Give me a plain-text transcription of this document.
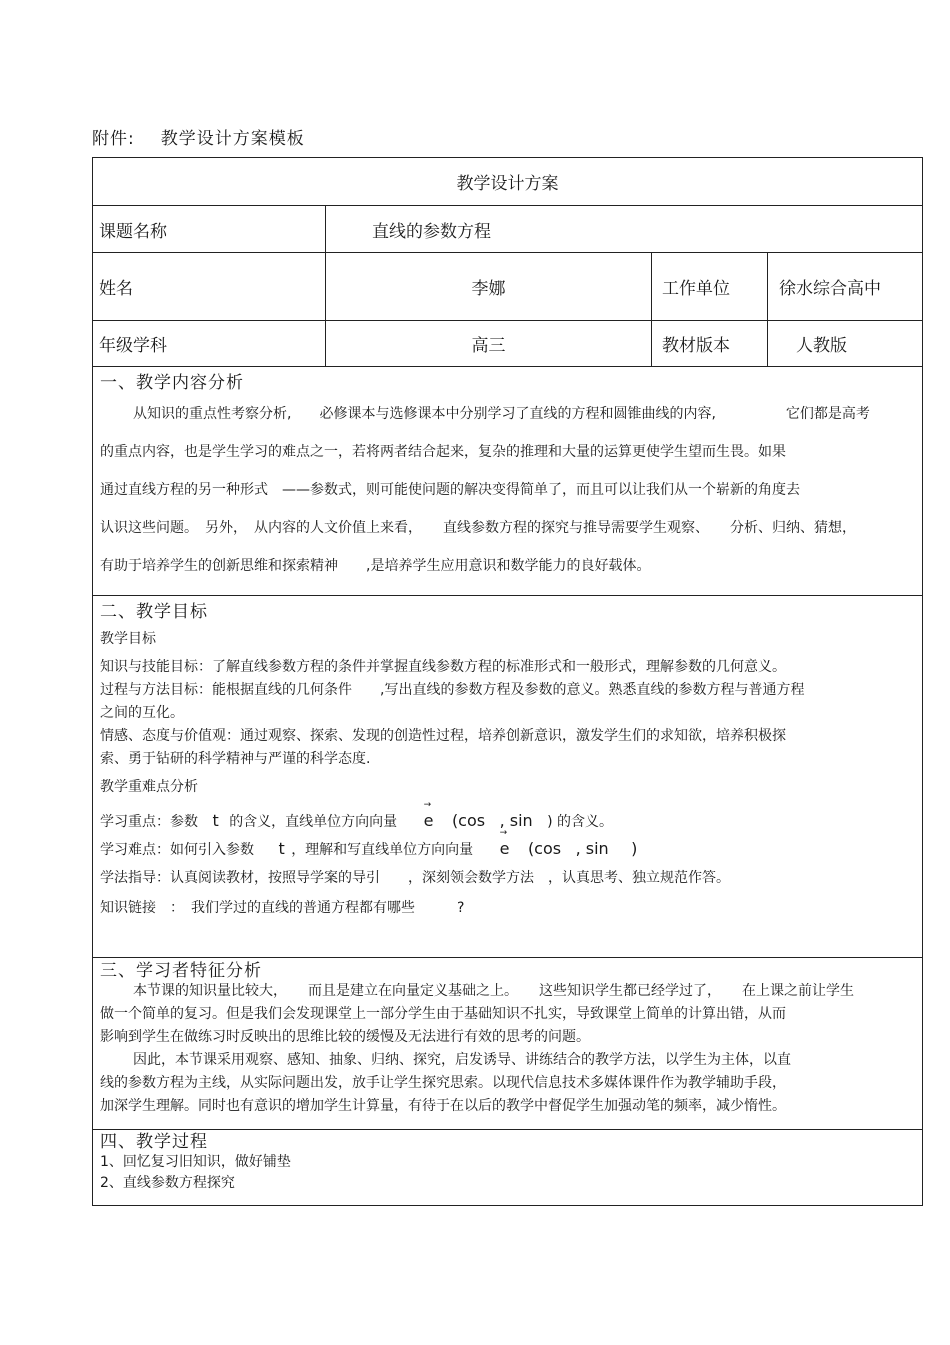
附件: 教学设计方案模板
教学设计方案
课题名称	直线的参数方程
姓名	李娜	工作单位	徐水综合高中
年级学科	高三	教材版本	人教版
一、教学内容分析

从知识的重点性考察分析,　　必修课本与选修课本中分别学习了直线的方程和圆锥曲线的内容,　　　　　它们都是高考

的重点内容，也是学生学习的难点之一，若将两者结合起来，复杂的推理和大量的运算更使学生望而生畏。如果

通过直线方程的另一种形式　——参数式，则可能使问题的解决变得简单了，而且可以让我们从一个崭新的角度去

认识这些问题。　另外，　从内容的人文价值上来看，　　直线参数方程的探究与推导需要学生观察、　　分析、归纳、猜想，

有助于培养学生的创新思维和探索精神　　,是培养学生应用意识和数学能力的良好载体。

二、教学目标

教学目标

知识与技能目标：了解直线参数方程的条件并掌握直线参数方程的标准形式和一般形式，理解参数的几何意义。

过程与方法目标：能根据直线的几何条件　　,写出直线的参数方程及参数的意义。熟悉直线的参数方程与普通方程

之间的互化。

情感、态度与价值观：通过观察、探索、发现的创造性过程，培养创新意识，激发学生们的求知欲，培养积极探

索、勇于钻研的科学精神与严谨的科学态度.

教学重难点分析

学习重点：参数 t 的含义，直线单位方向向量 → e (cos , sin ) 的含义。

学习难点：如何引入参数 t ，理解和写直线单位方向向量 → e (cos , sin )

学法指导：认真阅读教材，按照导学案的导引　　，深刻领会数学方法　，认真思考、独立规范作答。

知识链接　：　我们学过的直线的普通方程都有哪些　　　?

三、学习者特征分析

本节课的知识量比较大，　　而且是建立在向量定义基础之上。　　这些知识学生都已经学过了，　　在上课之前让学生

做一个简单的复习。但是我们会发现课堂上一部分学生由于基础知识不扎实，导致课堂上简单的计算出错，从而

影响到学生在做练习时反映出的思维比较的缓慢及无法进行有效的思考的问题。

因此，本节课采用观察、感知、抽象、归纳、探究，启发诱导、讲练结合的教学方法，以学生为主体，以直

线的参数方程为主线，从实际问题出发，放手让学生探究思索。以现代信息技术多媒体课件作为教学辅助手段，

加深学生理解。同时也有意识的增加学生计算量，有待于在以后的教学中督促学生加强动笔的频率，减少惰性。

四、教学过程

1、回忆复习旧知识，做好铺垫

2、直线参数方程探究
